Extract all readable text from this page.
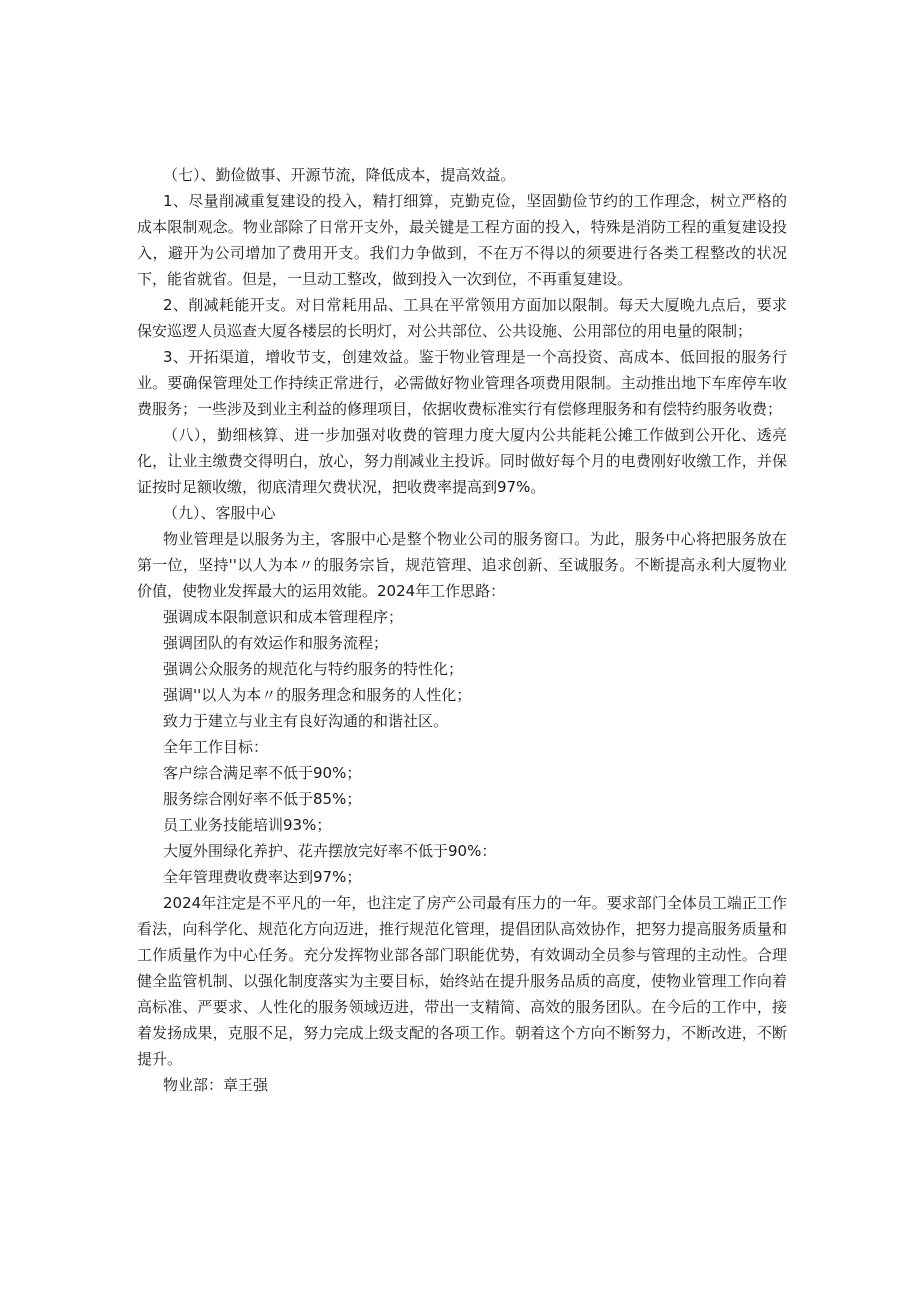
（七）、勤俭做事、开源节流，降低成本，提高效益。

1、尽量削减重复建设的投入，精打细算，克勤克俭，坚固勤俭节约的工作理念，树立严格的成本限制观念。物业部除了日常开支外，最关键是工程方面的投入，特殊是消防工程的重复建设投入，避开为公司增加了费用开支。我们力争做到，不在万不得以的须要进行各类工程整改的状况下，能省就省。但是，一旦动工整改，做到投入一次到位，不再重复建设。

2、削减耗能开支。对日常耗用品、工具在平常领用方面加以限制。每天大厦晚九点后，要求保安巡逻人员巡查大厦各楼层的长明灯，对公共部位、公共设施、公用部位的用电量的限制；

3、开拓渠道，增收节支，创建效益。鉴于物业管理是一个高投资、高成本、低回报的服务行业。要确保管理处工作持续正常进行，必需做好物业管理各项费用限制。主动推出地下车库停车收费服务；一些涉及到业主利益的修理项目，依据收费标准实行有偿修理服务和有偿特约服务收费；

（八），勤细核算、进一步加强对收费的管理力度大厦内公共能耗公摊工作做到公开化、透亮化，让业主缴费交得明白，放心，努力削减业主投诉。同时做好每个月的电费刚好收缴工作，并保证按时足额收缴，彻底清理欠费状况，把收费率提高到97%。

（九）、客服中心

物业管理是以服务为主，客服中心是整个物业公司的服务窗口。为此，服务中心将把服务放在第一位，坚持''以人为本〃的服务宗旨，规范管理、追求创新、至诚服务。不断提高永利大厦物业价值，使物业发挥最大的运用效能。2024年工作思路：

强调成本限制意识和成本管理程序；

强调团队的有效运作和服务流程；

强调公众服务的规范化与特约服务的特性化；

强调''以人为本〃的服务理念和服务的人性化；

致力于建立与业主有良好沟通的和谐社区。

全年工作目标：

客户综合满足率不低于90%；

服务综合刚好率不低于85%；

员工业务技能培训93%；

大厦外围绿化养护、花卉摆放完好率不低于90%：

全年管理费收费率达到97%；

2024年注定是不平凡的一年，也注定了房产公司最有压力的一年。要求部门全体员工端正工作看法，向科学化、规范化方向迈进，推行规范化管理，提倡团队高效协作，把努力提高服务质量和工作质量作为中心任务。充分发挥物业部各部门职能优势，有效调动全员参与管理的主动性。合理健全监管机制、以强化制度落实为主要目标，始终站在提升服务品质的高度，使物业管理工作向着高标准、严要求、人性化的服务领域迈进，带出一支精简、高效的服务团队。在今后的工作中，接着发扬成果，克服不足，努力完成上级支配的各项工作。朝着这个方向不断努力，不断改进，不断提升。

物业部：章王强
